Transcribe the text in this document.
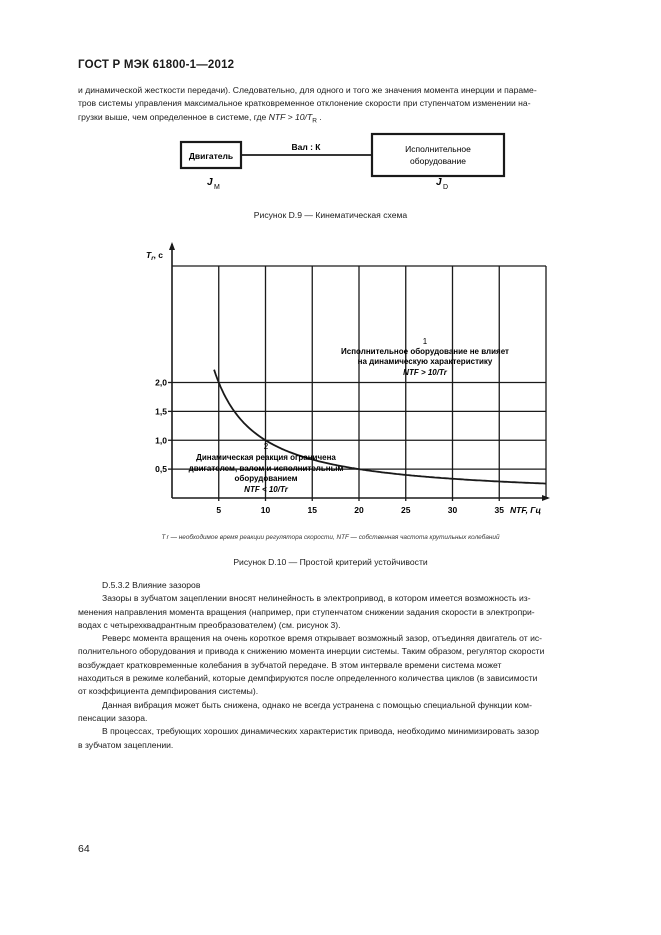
ГОСТ Р МЭК 61800-1—2012

и динамической жесткости передачи). Следовательно, для одного и того же значения момента инерции и параме-

тров системы управления максимальное кратковременное отклонение скорости при ступенчатом изменении на-

грузки выше, чем определенное в системе, где NTF > $10/T_R$ .

Двигатель
Вал : К	Исполнительное
оборудование
J M	J D
Рисунок D.9 — Кинематическая схема
0,5
1,0
1,5
2,0
5	10	15	20	25	30	35
$T_r$, c
NTF, Гц
1
Исполнительное оборудование не влияет
на динамическую характеристику
NTF > 10/Tr
2
Динамическая реакция ограничена
двигателем, валом и исполнительным
оборудованием
NTF < 10/Tr
T r — необходимое время реакции регулятора скорости, NTF — собственная частота крутильных колебаний
Рисунок D.10 — Простой критерий устойчивости

D.5.3.2 Влияние зазоров

Зазоры в зубчатом зацеплении вносят нелинейность в электропривод, в котором имеется возможность из-

менения направления момента вращения (например, при ступенчатом снижении задания скорости в электропри-

водах с четырехквадрантным преобразователем) (см. рисунок 3).

Реверс момента вращения на очень короткое время открывает возможный зазор, отъединяя двигатель от ис-

полнительного оборудования и привода к снижению момента инерции системы. Таким образом, регулятор скорости

возбуждает кратковременные колебания в зубчатой передаче. В этом интервале времени система может

находиться в режиме колебаний, которые демпфируются после определенного количества циклов (в зависимости

от коэффициента демпфирования системы).

Данная вибрация может быть снижена, однако не всегда устранена с помощью специальной функции ком-

пенсации зазора.

В процессах, требующих хороших динамических характеристик привода, необходимо минимизировать зазор

в зубчатом зацеплении.

64
